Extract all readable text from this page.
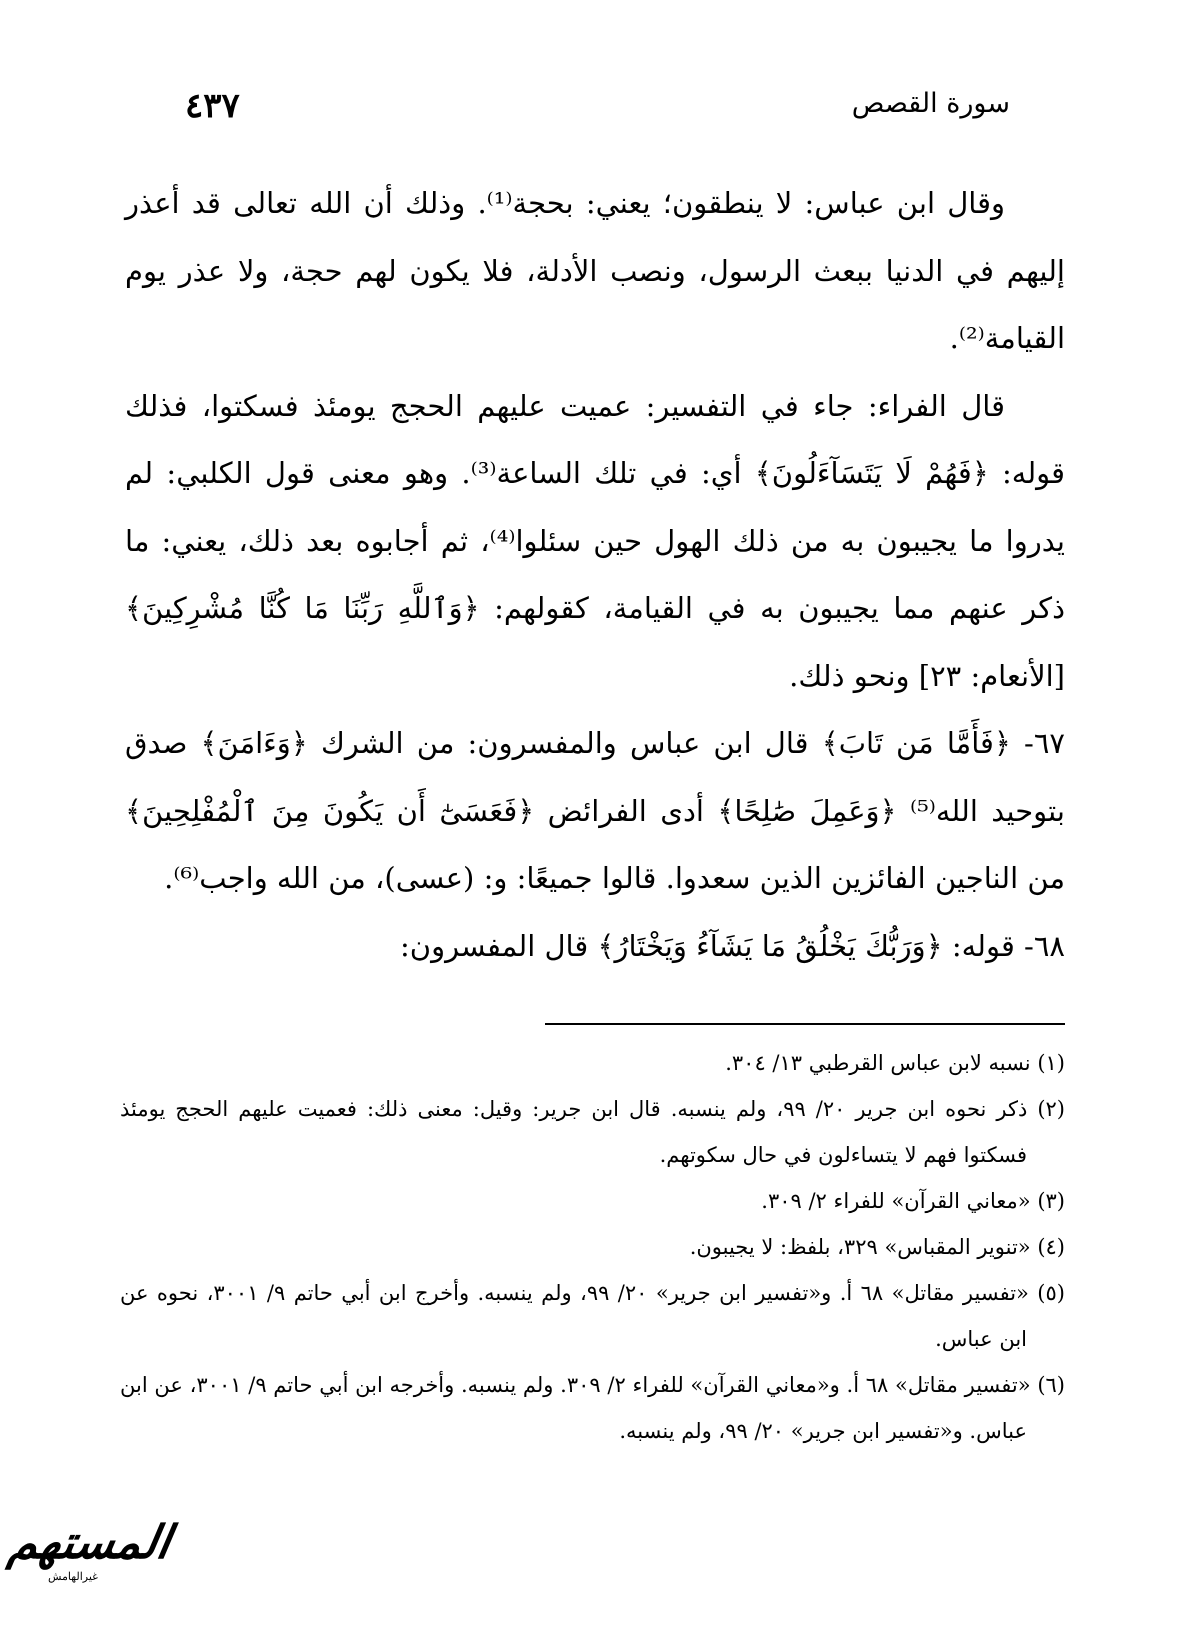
سورة القصص
٤٣٧

وقال ابن عباس: لا ينطقون؛ يعني: بحجة⁽¹⁾. وذلك أن الله تعالى قد أعذر إليهم في الدنيا ببعث الرسول، ونصب الأدلة، فلا يكون لهم حجة، ولا عذر يوم القيامة⁽²⁾.

قال الفراء: جاء في التفسير: عميت عليهم الحجج يومئذ فسكتوا، فذلك قوله: ﴿فَهُمْ لَا يَتَسَآءَلُونَ﴾ أي: في تلك الساعة⁽³⁾. وهو معنى قول الكلبي: لم يدروا ما يجيبون به من ذلك الهول حين سئلوا⁽⁴⁾، ثم أجابوه بعد ذلك، يعني: ما ذكر عنهم مما يجيبون به في القيامة، كقولهم: ﴿وَٱللَّهِ رَبِّنَا مَا كُنَّا مُشْرِكِينَ﴾ [الأنعام: ٢٣] ونحو ذلك.

٦٧- ﴿فَأَمَّا مَن تَابَ﴾ قال ابن عباس والمفسرون: من الشرك ﴿وَءَامَنَ﴾ صدق بتوحيد الله⁽⁵⁾ ﴿وَعَمِلَ صَٰلِحًا﴾ أدى الفرائض ﴿فَعَسَىٰٓ أَن يَكُونَ مِنَ ٱلْمُفْلِحِينَ﴾ من الناجين الفائزين الذين سعدوا. قالوا جميعًا: و: (عسى)، من الله واجب⁽⁶⁾.

٦٨- قوله: ﴿وَرَبُّكَ يَخْلُقُ مَا يَشَآءُ وَيَخْتَارُ﴾ قال المفسرون:

(١) نسبه لابن عباس القرطبي ١٣/ ٣٠٤.

(٢) ذكر نحوه ابن جرير ٢٠/ ٩٩، ولم ينسبه. قال ابن جرير: وقيل: معنى ذلك: فعميت عليهم الحجج يومئذ فسكتوا فهم لا يتساءلون في حال سكوتهم.

(٣) «معاني القرآن» للفراء ٢/ ٣٠٩.

(٤) «تنوير المقباس» ٣٢٩، بلفظ: لا يجيبون.

(٥) «تفسير مقاتل» ٦٨ أ. و«تفسير ابن جرير» ٢٠/ ٩٩، ولم ينسبه. وأخرج ابن أبي حاتم ٩/ ٣٠٠١، نحوه عن ابن عباس.

(٦) «تفسير مقاتل» ٦٨ أ. و«معاني القرآن» للفراء ٢/ ٣٠٩. ولم ينسبه. وأخرجه ابن أبي حاتم ٩/ ٣٠٠١، عن ابن عباس. و«تفسير ابن جرير» ٢٠/ ٩٩، ولم ينسبه.

المستهم
غيرالهامش
